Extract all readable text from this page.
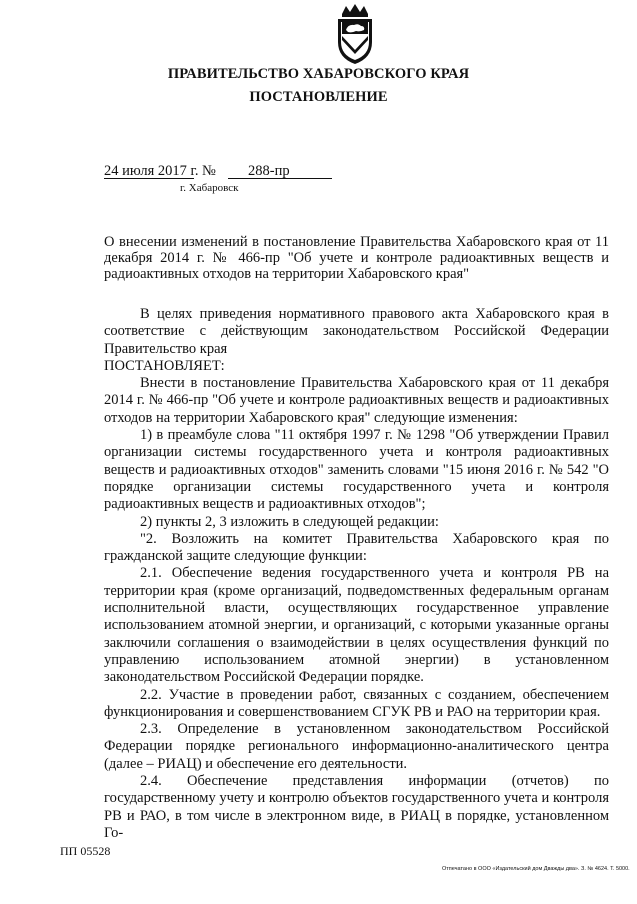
ПРАВИТЕЛЬСТВО ХАБАРОВСКОГО КРАЯ
ПОСТАНОВЛЕНИЕ
24 июля 2017 г. № 288-пр
г. Хабаровск
О внесении изменений в постановление Правительства Хабаровского края от 11 декабря 2014 г. № 466-пр "Об учете и контроле радиоактивных веществ и радиоактивных отходов на территории Хабаровского края"

В целях приведения нормативного правового акта Хабаровского края в соответствие с действующим законодательством Российской Федерации Правительство края

ПОСТАНОВЛЯЕТ:

Внести в постановление Правительства Хабаровского края от 11 декабря 2014 г. № 466-пр "Об учете и контроле радиоактивных веществ и радиоактивных отходов на территории Хабаровского края" следующие изменения:

1) в преамбуле слова "11 октября 1997 г. № 1298 "Об утверждении Правил организации системы государственного учета и контроля радиоактивных веществ и радиоактивных отходов" заменить словами "15 июня 2016 г. № 542 "О порядке организации системы государственного учета и контроля радиоактивных веществ и радиоактивных отходов";

2) пункты 2, 3 изложить в следующей редакции:

"2. Возложить на комитет Правительства Хабаровского края по гражданской защите следующие функции:

2.1. Обеспечение ведения государственного учета и контроля РВ на территории края (кроме организаций, подведомственных федеральным органам исполнительной власти, осуществляющих государственное управление использованием атомной энергии, и организаций, с которыми указанные органы заключили соглашения о взаимодействии в целях осуществления функций по управлению использованием атомной энергии) в установленном законодательством Российской Федерации порядке.

2.2. Участие в проведении работ, связанных с созданием, обеспечением функционирования и совершенствованием СГУК РВ и РАО на территории края.

2.3. Определение в установленном законодательством Российской Федерации порядке регионального информационно-аналитического центра (далее – РИАЦ) и обеспечение его деятельности.

2.4. Обеспечение представления информации (отчетов) по государственному учету и контролю объектов государственного учета и контроля РВ и РАО, в том числе в электронном виде, в РИАЦ в порядке, установленном Го-

ПП 05528
Отпечатано в ООО «Издательский дом Дважды два». З. № 4624. Т. 5000.
